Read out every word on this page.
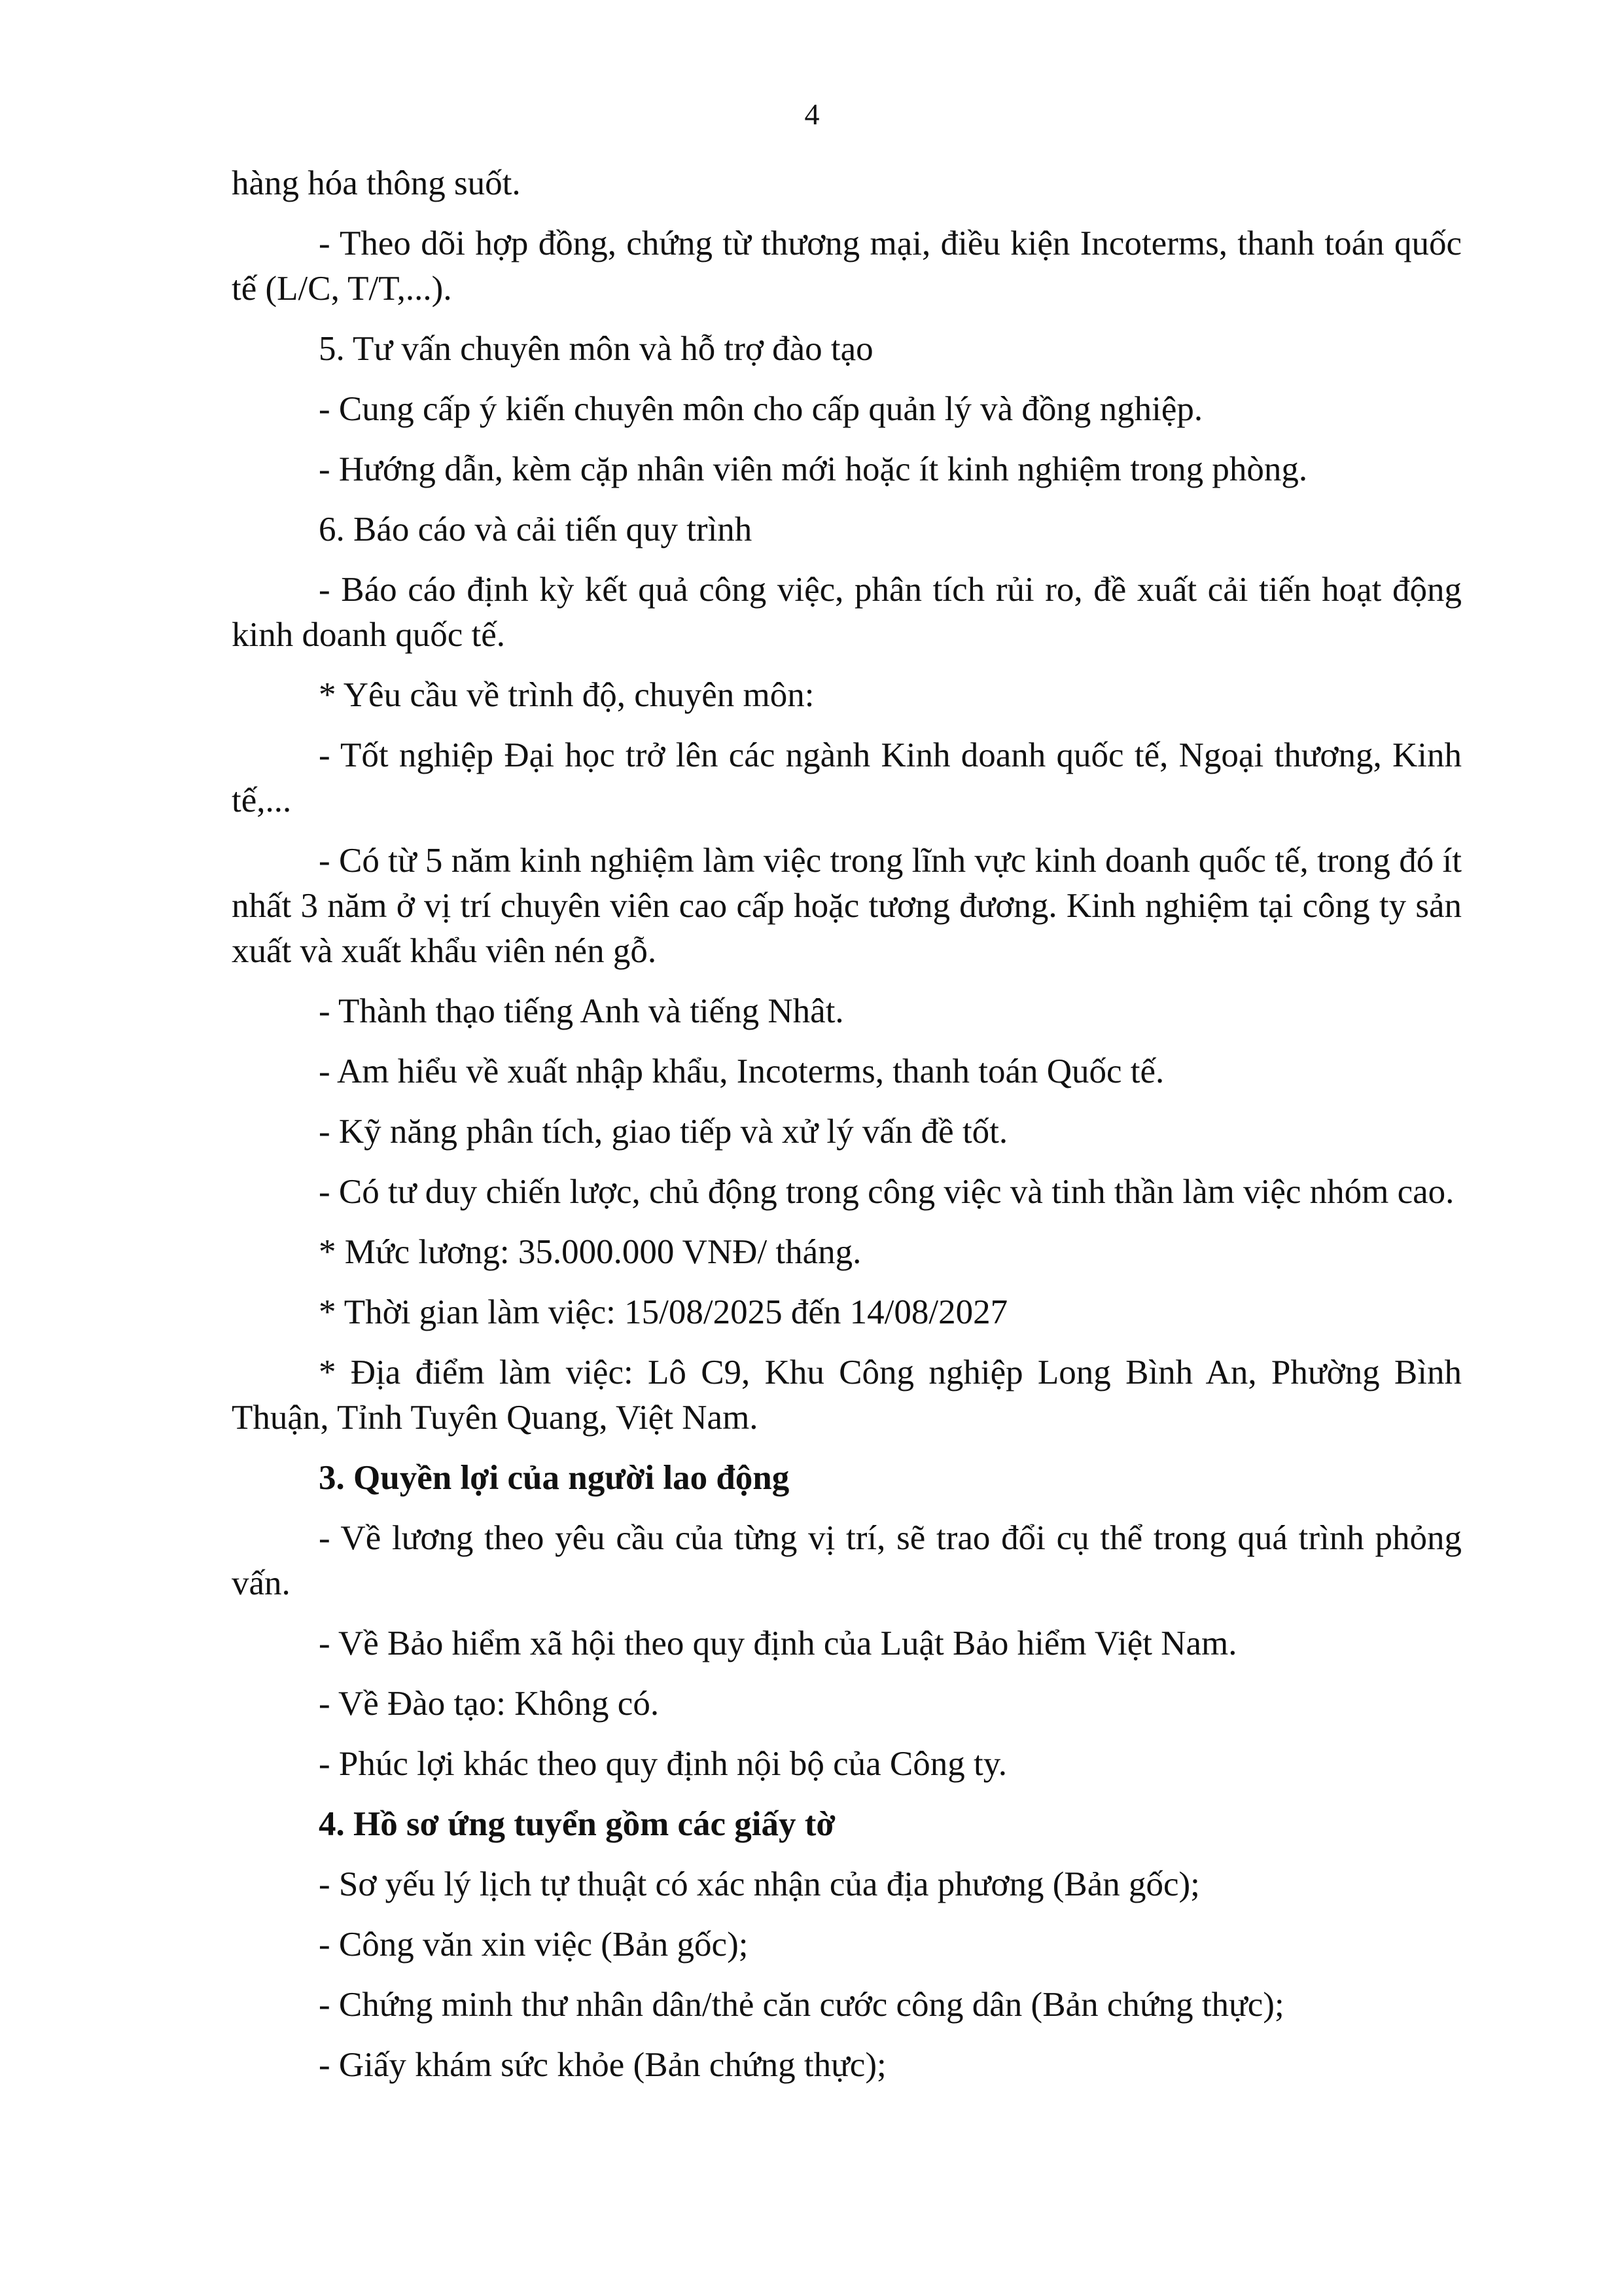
4

hàng hóa thông suốt.

- Theo dõi hợp đồng, chứng từ thương mại, điều kiện Incoterms, thanh toán quốc tế (L/C, T/T,...).

5. Tư vấn chuyên môn và hỗ trợ đào tạo

- Cung cấp ý kiến chuyên môn cho cấp quản lý và đồng nghiệp.

- Hướng dẫn, kèm cặp nhân viên mới hoặc ít kinh nghiệm trong phòng.

6. Báo cáo và cải tiến quy trình

- Báo cáo định kỳ kết quả công việc, phân tích rủi ro, đề xuất cải tiến hoạt động kinh doanh quốc tế.

* Yêu cầu về trình độ, chuyên môn:

- Tốt nghiệp Đại học trở lên các ngành Kinh doanh quốc tế, Ngoại thương, Kinh tế,...

- Có từ 5 năm kinh nghiệm làm việc trong lĩnh vực kinh doanh quốc tế, trong đó ít nhất 3 năm ở vị trí chuyên viên cao cấp hoặc tương đương. Kinh nghiệm tại công ty sản xuất và xuất khẩu viên nén gỗ.

- Thành thạo tiếng Anh và tiếng Nhât.

- Am hiểu về xuất nhập khẩu, Incoterms, thanh toán Quốc tế.

- Kỹ năng phân tích, giao tiếp và xử lý vấn đề tốt.

- Có tư duy chiến lược, chủ động trong công việc và tinh thần làm việc nhóm cao.

* Mức lương: 35.000.000 VNĐ/ tháng.

* Thời gian làm việc: 15/08/2025 đến 14/08/2027

* Địa điểm làm việc: Lô C9, Khu Công nghiệp Long Bình An, Phường Bình Thuận, Tỉnh Tuyên Quang, Việt Nam.

3. Quyền lợi của người lao động

- Về lương theo yêu cầu của từng vị trí, sẽ trao đổi cụ thể trong quá trình phỏng vấn.

- Về Bảo hiểm xã hội theo quy định của Luật Bảo hiểm Việt Nam.

- Về Đào tạo: Không có.

- Phúc lợi khác theo quy định nội bộ của Công ty.

4. Hồ sơ ứng tuyển gồm các giấy tờ

- Sơ yếu lý lịch tự thuật có xác nhận của địa phương (Bản gốc);

- Công văn xin việc (Bản gốc);

- Chứng minh thư nhân dân/thẻ căn cước công dân (Bản chứng thực);

- Giấy khám sức khỏe (Bản chứng thực);
